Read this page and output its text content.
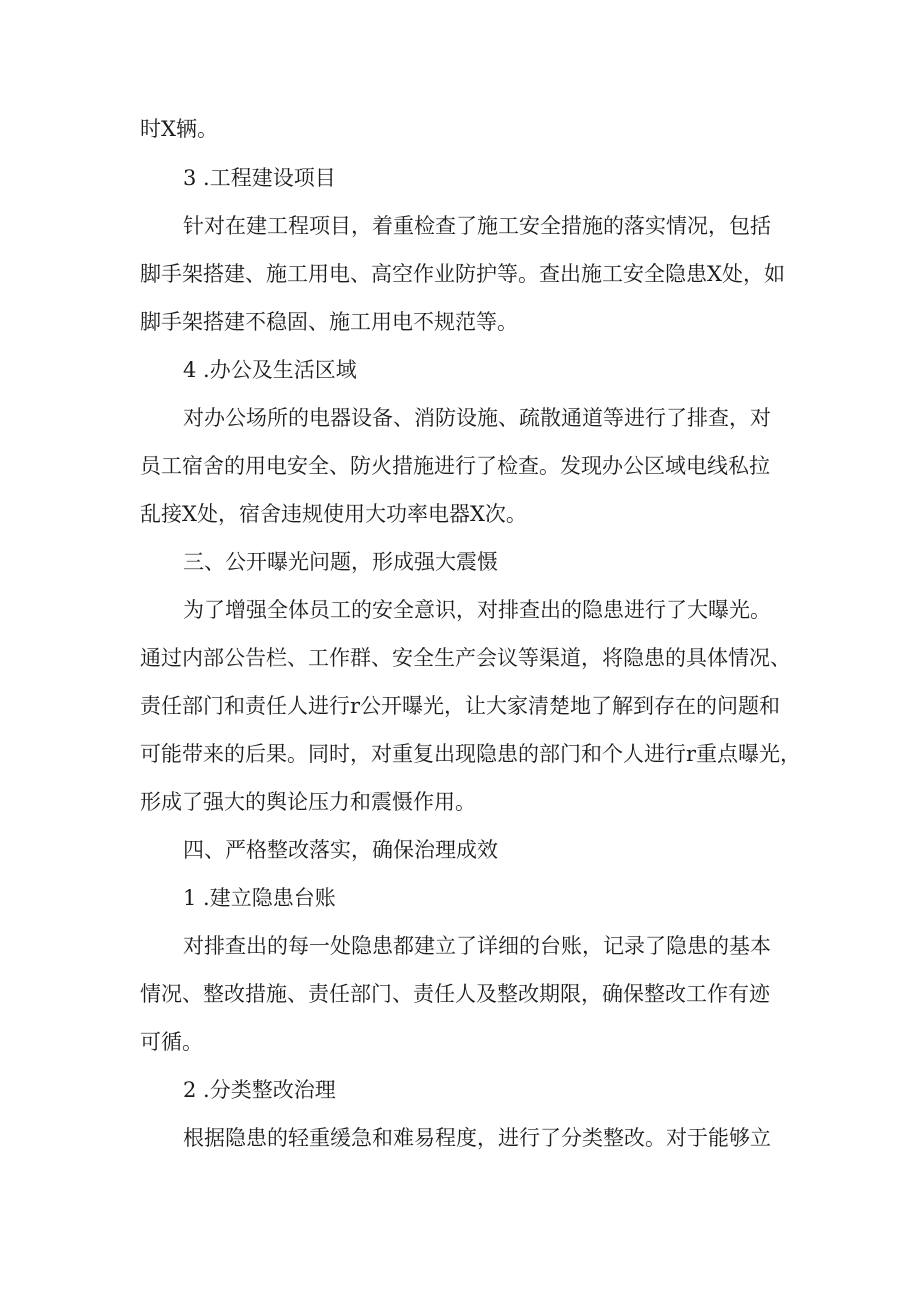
时X辆。
3 .工程建设项目
针对在建工程项目，着重检查了施工安全措施的落实情况，包括
脚手架搭建、施工用电、高空作业防护等。查出施工安全隐患X处，如
脚手架搭建不稳固、施工用电不规范等。
4 .办公及生活区域
对办公场所的电器设备、消防设施、疏散通道等进行了排查，对
员工宿舍的用电安全、防火措施进行了检查。发现办公区域电线私拉
乱接X处，宿舍违规使用大功率电器X次。
三、公开曝光问题，形成强大震慑
为了增强全体员工的安全意识，对排查出的隐患进行了大曝光。
通过内部公告栏、工作群、安全生产会议等渠道，将隐患的具体情况、
责任部门和责任人进行r公开曝光，让大家清楚地了解到存在的问题和
可能带来的后果。同时，对重复出现隐患的部门和个人进行r重点曝光，
形成了强大的舆论压力和震慑作用。
四、严格整改落实，确保治理成效
1 .建立隐患台账
对排查出的每一处隐患都建立了详细的台账，记录了隐患的基本
情况、整改措施、责任部门、责任人及整改期限，确保整改工作有迹
可循。
2 .分类整改治理
根据隐患的轻重缓急和难易程度，进行了分类整改。对于能够立
